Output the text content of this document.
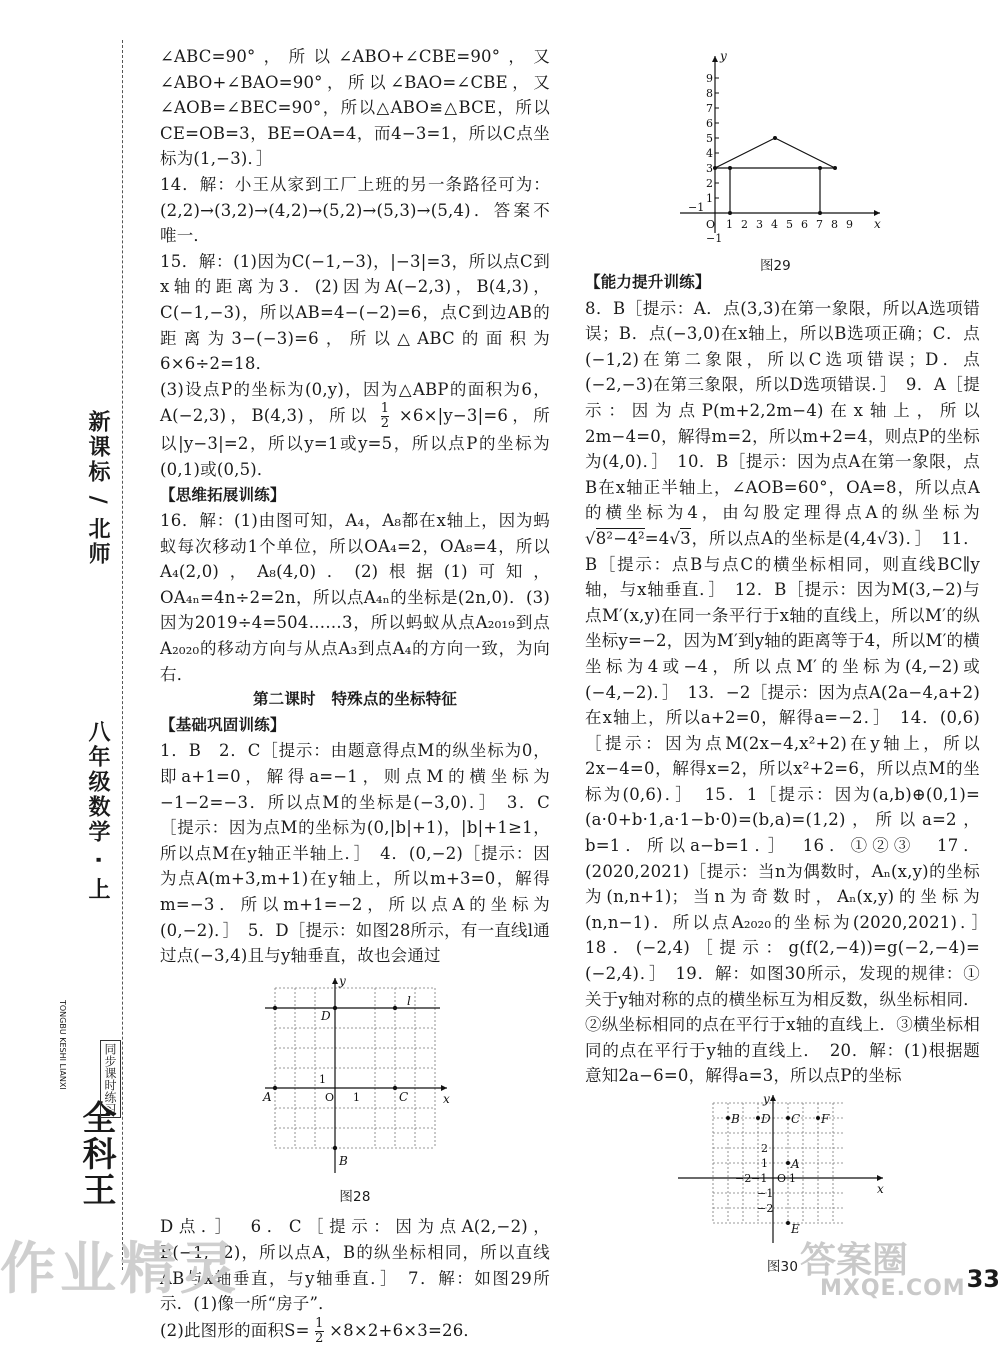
八年级数学 · 上
新课标 / 北师
全科王
同步课时练习
TONGBU KESHI LIANXI

∠ABC=90°，所以∠ABO+∠CBE=90°，又∠ABO+∠BAO=90°，所以∠BAO=∠CBE，又∠AOB=∠BEC=90°，所以△ABO≌△BCE，所以CE=OB=3，BE=OA=4，而4−3=1，所以C点坐标为(1,−3)．］

14．解：小王从家到工厂上班的另一条路径可为：(2,2)→(3,2)→(4,2)→(5,2)→(5,3)→(5,4)．答案不唯一．

15．解：(1)因为C(−1,−3)，|−3|=3，所以点C到x轴的距离为3．(2)因为A(−2,3)，B(4,3)，C(−1,−3)，所以AB=4−(−2)=6，点C到边AB的距离为3−(−3)=6，所以△ABC的面积为6×6÷2=18．

(3)设点P的坐标为(0,y)，因为△ABP的面积为6，A(−2,3)，B(4,3)，所以 $\frac{1}{2} \times 6\times|y-3|=6$，所以|y−3|=2，所以y=1或y=5，所以点P的坐标为(0,1)或(0,5)．

【思维拓展训练】

16．解：(1)由图可知，A₄，A₈都在x轴上，因为蚂蚁每次移动1个单位，所以OA₄=2，OA₈=4，所以A₄(2,0)，A₈(4,0)．(2)根据(1)可知，OA₄ₙ=4n÷2=2n，所以点A₄ₙ的坐标是(2n,0)．(3)因为2019÷4=504……3，所以蚂蚁从点A₂₀₁₉到点A₂₀₂₀的移动方向与从点A₃到点A₄的方向一致，为向右．

第二课时　特殊点的坐标特征

【基础巩固训练】

1．B　2．C［提示：由题意得点M的纵坐标为0，即a+1=0，解得a=−1，则点M的横坐标为−1−2=−3．所以点M的坐标是(−3,0)．］　3．C［提示：因为点M的坐标为(0,|b|+1)，|b|+1≥1，所以点M在y轴正半轴上．］　4．(0,−2)［提示：因为点A(m+3,m+1)在y轴上，所以m+3=0，解得m=−3．所以m+1=−2，所以点A的坐标为(0,−2)．］　5．D［提示：如图28所示，有一直线l通过点(−3,4)且与y轴垂直，故也会通过

y
x
D
l
A	C
B
1
O 1
图28

D点．］　6．C［提示：因为点A(2,−2)，B(−1,−2)，所以点A，B的纵坐标相同，所以直线AB与x轴垂直，与y轴垂直．］　7．解：如图29所示．(1)像一所“房子”．

(2)此图形的面积$S= \frac{1}{2} \times 8\times 2+6\times 3=26$．

1
2
3
4
5
6
7
8
9
−1
O 1 2 3 4 5 6 7 8 9
−1
y
x
图29

【能力提升训练】

8．B［提示：A．点(3,3)在第一象限，所以A选项错误；B．点(−3,0)在x轴上，所以B选项正确；C．点(−1,2)在第二象限，所以C选项错误；D．点(−2,−3)在第三象限，所以D选项错误．］　9．A［提示：因为点P(m+2,2m−4)在x轴上，所以2m−4=0，解得m=2，所以m+2=4，则点P的坐标为(4,0)．］　10．B［提示：因为点A在第一象限，点B在x轴正半轴上，∠AOB=60°，OA=8，所以点A的横坐标为4，由勾股定理得点A的纵坐标为 √8²−4²=4√3，所以点A的坐标是(4,4√3)．］　11．B［提示：点B与点C的横坐标相同，则直线BC∥y轴，与x轴垂直．］　12．B［提示：因为M(3,−2)与点M′(x,y)在同一条平行于x轴的直线上，所以M′的纵坐标y=−2，因为M′到y轴的距离等于4，所以M′的横坐标为4或−4，所以点M′的坐标为(4,−2)或(−4,−2)．］　13．−2［提示：因为点A(2a−4,a+2)在x轴上，所以a+2=0，解得a=−2．］　14．(0,6)［提示：因为点M(2x−4,x²+2)在y轴上，所以2x−4=0，解得x=2，所以x²+2=6，所以点M的坐标为(0,6)．］　15．1［提示：因为(a,b)⊕(0,1)=(a·0+b·1,a·1−b·0)=(b,a)=(1,2)，所以a=2，b=1．所以a−b=1．］　16．①②③　17．(2020,2021)［提示：当n为偶数时，Aₙ(x,y)的坐标为(n,n+1)；当n为奇数时，Aₙ(x,y)的坐标为(n,n−1)．所以点A₂₀₂₀的坐标为(2020,2021)．］　18．(−2,4)［提示：g(f(2,−4))=g(−2,−4)=(−2,4)．］　19．解：如图30所示，发现的规律：①关于y轴对称的点的横坐标互为相反数，纵坐标相同．②纵坐标相同的点在平行于x轴的直线上．③横坐标相同的点在平行于y轴的直线上．　20．解：(1)根据题意知2a−6=0，解得a=3，所以点P的坐标

y
x
B D C F
A
E
2
1
−2 −1 O 1
−1
−2
图30	33
作业精灵	答案圈
MXQE.COM
